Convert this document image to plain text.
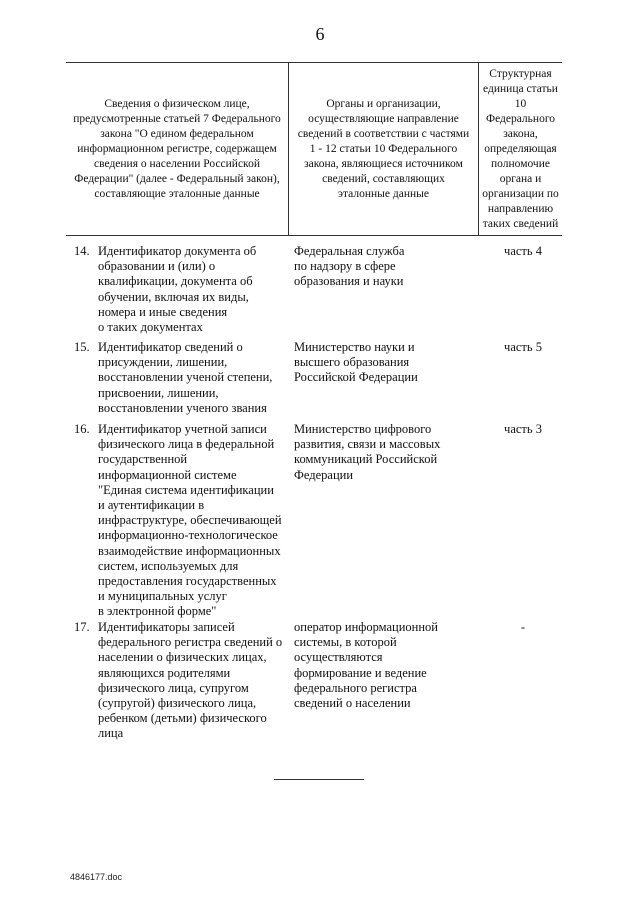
6
Сведения о физическом лице, предусмотренные статьей 7 Федерального закона "О едином федеральном информационном регистре, содержащем сведения о населении Российской Федерации" (далее - Федеральный закон), составляющие эталонные данные
Органы и организации, осуществляющие направление сведений в соответствии с частями 1 - 12 статьи 10 Федерального закона, являющиеся источником сведений, составляющих эталонные данные
Структурная единица статьи 10 Федерального закона, определяющая полномочие органа и организации по направлению таких сведений
14. Идентификатор документа об
образовании и (или) о
квалификации, документа об
обучении, включая их виды,
номера и иные сведения
о таких документах
Федеральная служба
по надзору в сфере
образования и науки
часть 4
15. Идентификатор сведений о
присуждении, лишении,
восстановлении ученой степени,
присвоении, лишении,
восстановлении ученого звания
Министерство науки и
высшего образования
Российской Федерации
часть 5
16. Идентификатор учетной записи
физического лица в федеральной
государственной
информационной системе
"Единая система идентификации
и аутентификации в
инфраструктуре, обеспечивающей
информационно-технологическое
взаимодействие информационных
систем, используемых для
предоставления государственных
и муниципальных услуг
в электронной форме"
Министерство цифрового
развития, связи и массовых
коммуникаций Российской
Федерации
часть 3
17. Идентификаторы записей
федерального регистра сведений о
населении о физических лицах,
являющихся родителями
физического лица, супругом
(супругой) физического лица,
ребенком (детьми) физического
лица
оператор информационной
системы, в которой
осуществляются
формирование и ведение
федерального регистра
сведений о населении
-
4846177.doc
